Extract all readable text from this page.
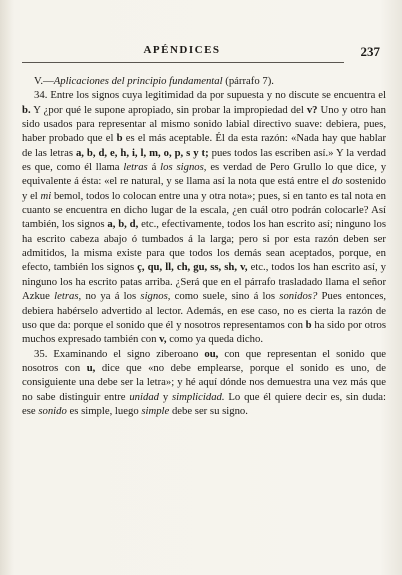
APÉNDICES	237

V.—Aplicaciones del principio fundamental (párrafo 7).

34. Entre los signos cuya legitimidad da por supuesta y no discute se encuentra el b. Y ¿por qué le supone apropiado, sin probar la impropiedad del v? Uno y otro han sido usados para representar al mismo sonido labial directivo suave: debiera, pues, haber probado que el b es el más aceptable. Él da esta razón: «Nada hay que hablar de las letras a, b, d, e, h, i, l, m, o, p, s y t; pues todos las escriben así.» Y la verdad es que, como él llama letras á los signos, es verdad de Pero Grullo lo que dice, y equivalente á ésta: «el re natural, y se llama así la nota que está entre el do sostenido y el mi bemol, todos lo colocan entre una y otra nota»; pues, si en tanto es tal nota en cuanto se encuentra en dicho lugar de la escala, ¿en cuál otro podrán colocarle? Así también, los signos a, b, d, etc., efectivamente, todos los han escrito así; ninguno los ha escrito cabeza abajo ó tumbados á la larga; pero si por esta razón deben ser admitidos, la misma existe para que todos los demás sean aceptados, porque, en efecto, también los signos ç, qu, ll, ch, gu, ss, sh, v, etc., todos los han escrito así, y ninguno los ha escrito patas arriba. ¿Será que en el párrafo trasladado llama el señor Azkue letras, no ya á los signos, como suele, sino á los sonidos? Pues entonces, debiera habérselo advertido al lector. Además, en ese caso, no es cierta la razón de uso que da: porque el sonido que él y nosotros representamos con b ha sido por otros muchos expresado también con v, como ya queda dicho.

35. Examinando el signo ziberoano ou, con que representan el sonido que nosotros con u, dice que «no debe emplearse, porque el sonido es uno, de consiguiente una debe ser la letra»; y hé aquí dónde nos demuestra una vez más que no sabe distinguir entre unidad y simplicidad. Lo que él quiere decir es, sin duda: ese sonido es simple, luego simple debe ser su signo.
